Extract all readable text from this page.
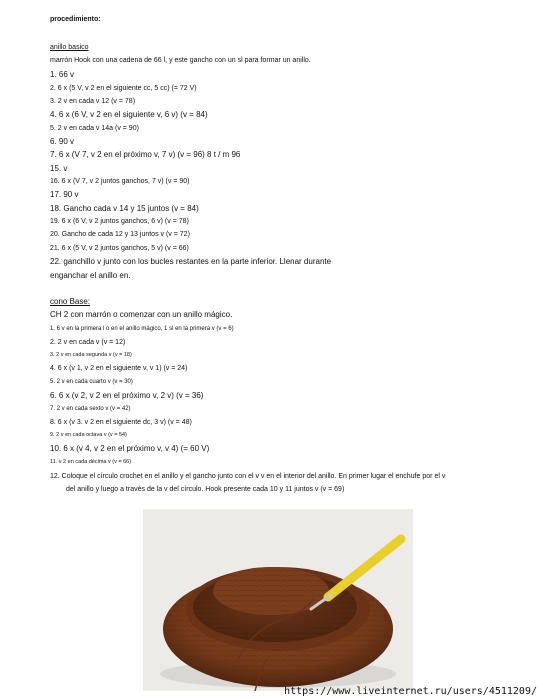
procedimiento:
anillo basico
marrón Hook con una cadena de 66 l, y este gancho con un sl para formar un anillo.
1. 66 v
2. 6 x (5 V, v 2 en el siguiente cc, 5 cc) (= 72 V)
3. 2 v en cada v 12 (v = 78)
4. 6 x (6 V, v 2 en el siguiente v, 6 v) (v = 84)
5. 2 v en cada v 14a (v = 90)
6. 90 v
7. 6 x (V 7, v 2 en el próximo v, 7 v) (v = 96) 8 t / m 96
15. v
16. 6 x (V 7, v 2 juntos ganchos, 7 v) (v = 90)
17. 90 v
18. Gancho cada v 14 y 15 juntos (v = 84)
19. 6 x (6 V, v 2 juntos ganchos, 6 v) (v = 78)
20. Gancho de cada 12 y 13 juntos v (v = 72)
21. 6 x (5 V, v 2 juntos ganchos, 5 v) (v = 66)
22. ganchillo v junto con los bucles restantes en la parte inferior. Llenar durante
enganchar el anillo en.
cono Base:
CH 2 con marrón o comenzar con un anillo mágico.
1. 6 v en la primera l o en el anillo mágico, 1 sl en la primera v (v = 6)
2. 2 v en cada v (v = 12)
3. 2 v en cada segunda v (v = 18)
4. 6 x (v 1, v 2 en el siguiente v, v 1) (v = 24)
5. 2 v en cada cuarto v (v = 30)
6. 6 x (v 2, v 2 en el próximo v, 2 v) (v = 36)
7. 2 v en cada sexto v (v = 42)
8. 6 x (v 3. v 2 en el siguiente dc, 3 v) (v = 48)
9. 2 v en cada octava v (v = 54)
10. 6 x (v 4, v 2 en el próximo v, v 4) (= 60 V)
11. v 2 en cada décima v (v = 66)
12. Coloque el círculo crochet en el anillo y el gancho junto con el v v en el interior del anillo. En primer lugar el enchufe por el v
del anillo y luego a través de la v del círculo. Hook presente cada 10 y 11 juntos v (v = 69)
https://www.liveinternet.ru/users/4511209/
